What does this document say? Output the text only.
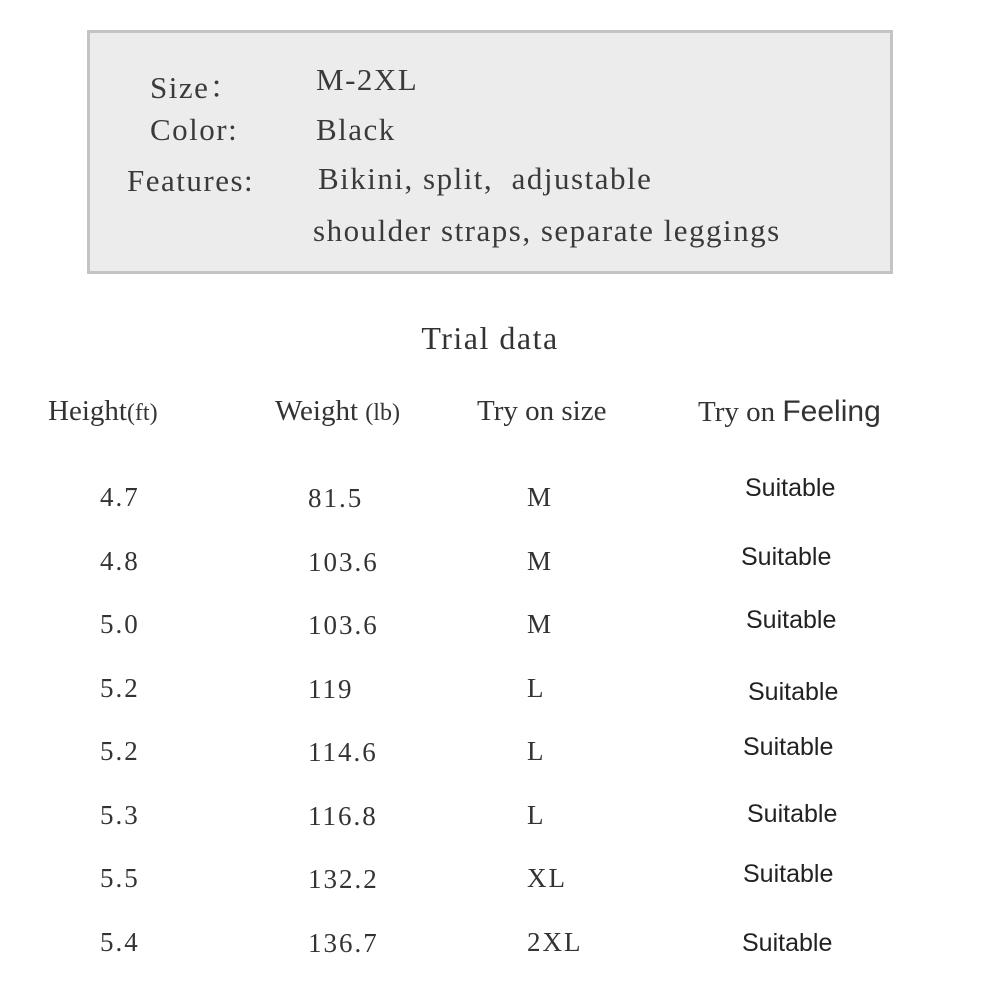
Size： M-2XL
Color:	Black
Features: Bikini, split,  adjustable
shoulder straps, separate leggings
Trial data
Height(ft)	Weight (lb)	Try on size	Try on Feeling
4.7	81.5	M	Suitable
4.8	103.6	M	Suitable
5.0	103.6	M	Suitable
5.2	119	L	Suitable
5.2	114.6	L	Suitable
5.3	116.8	L	Suitable
5.5	132.2	XL	Suitable
5.4	136.7	2XL	Suitable
